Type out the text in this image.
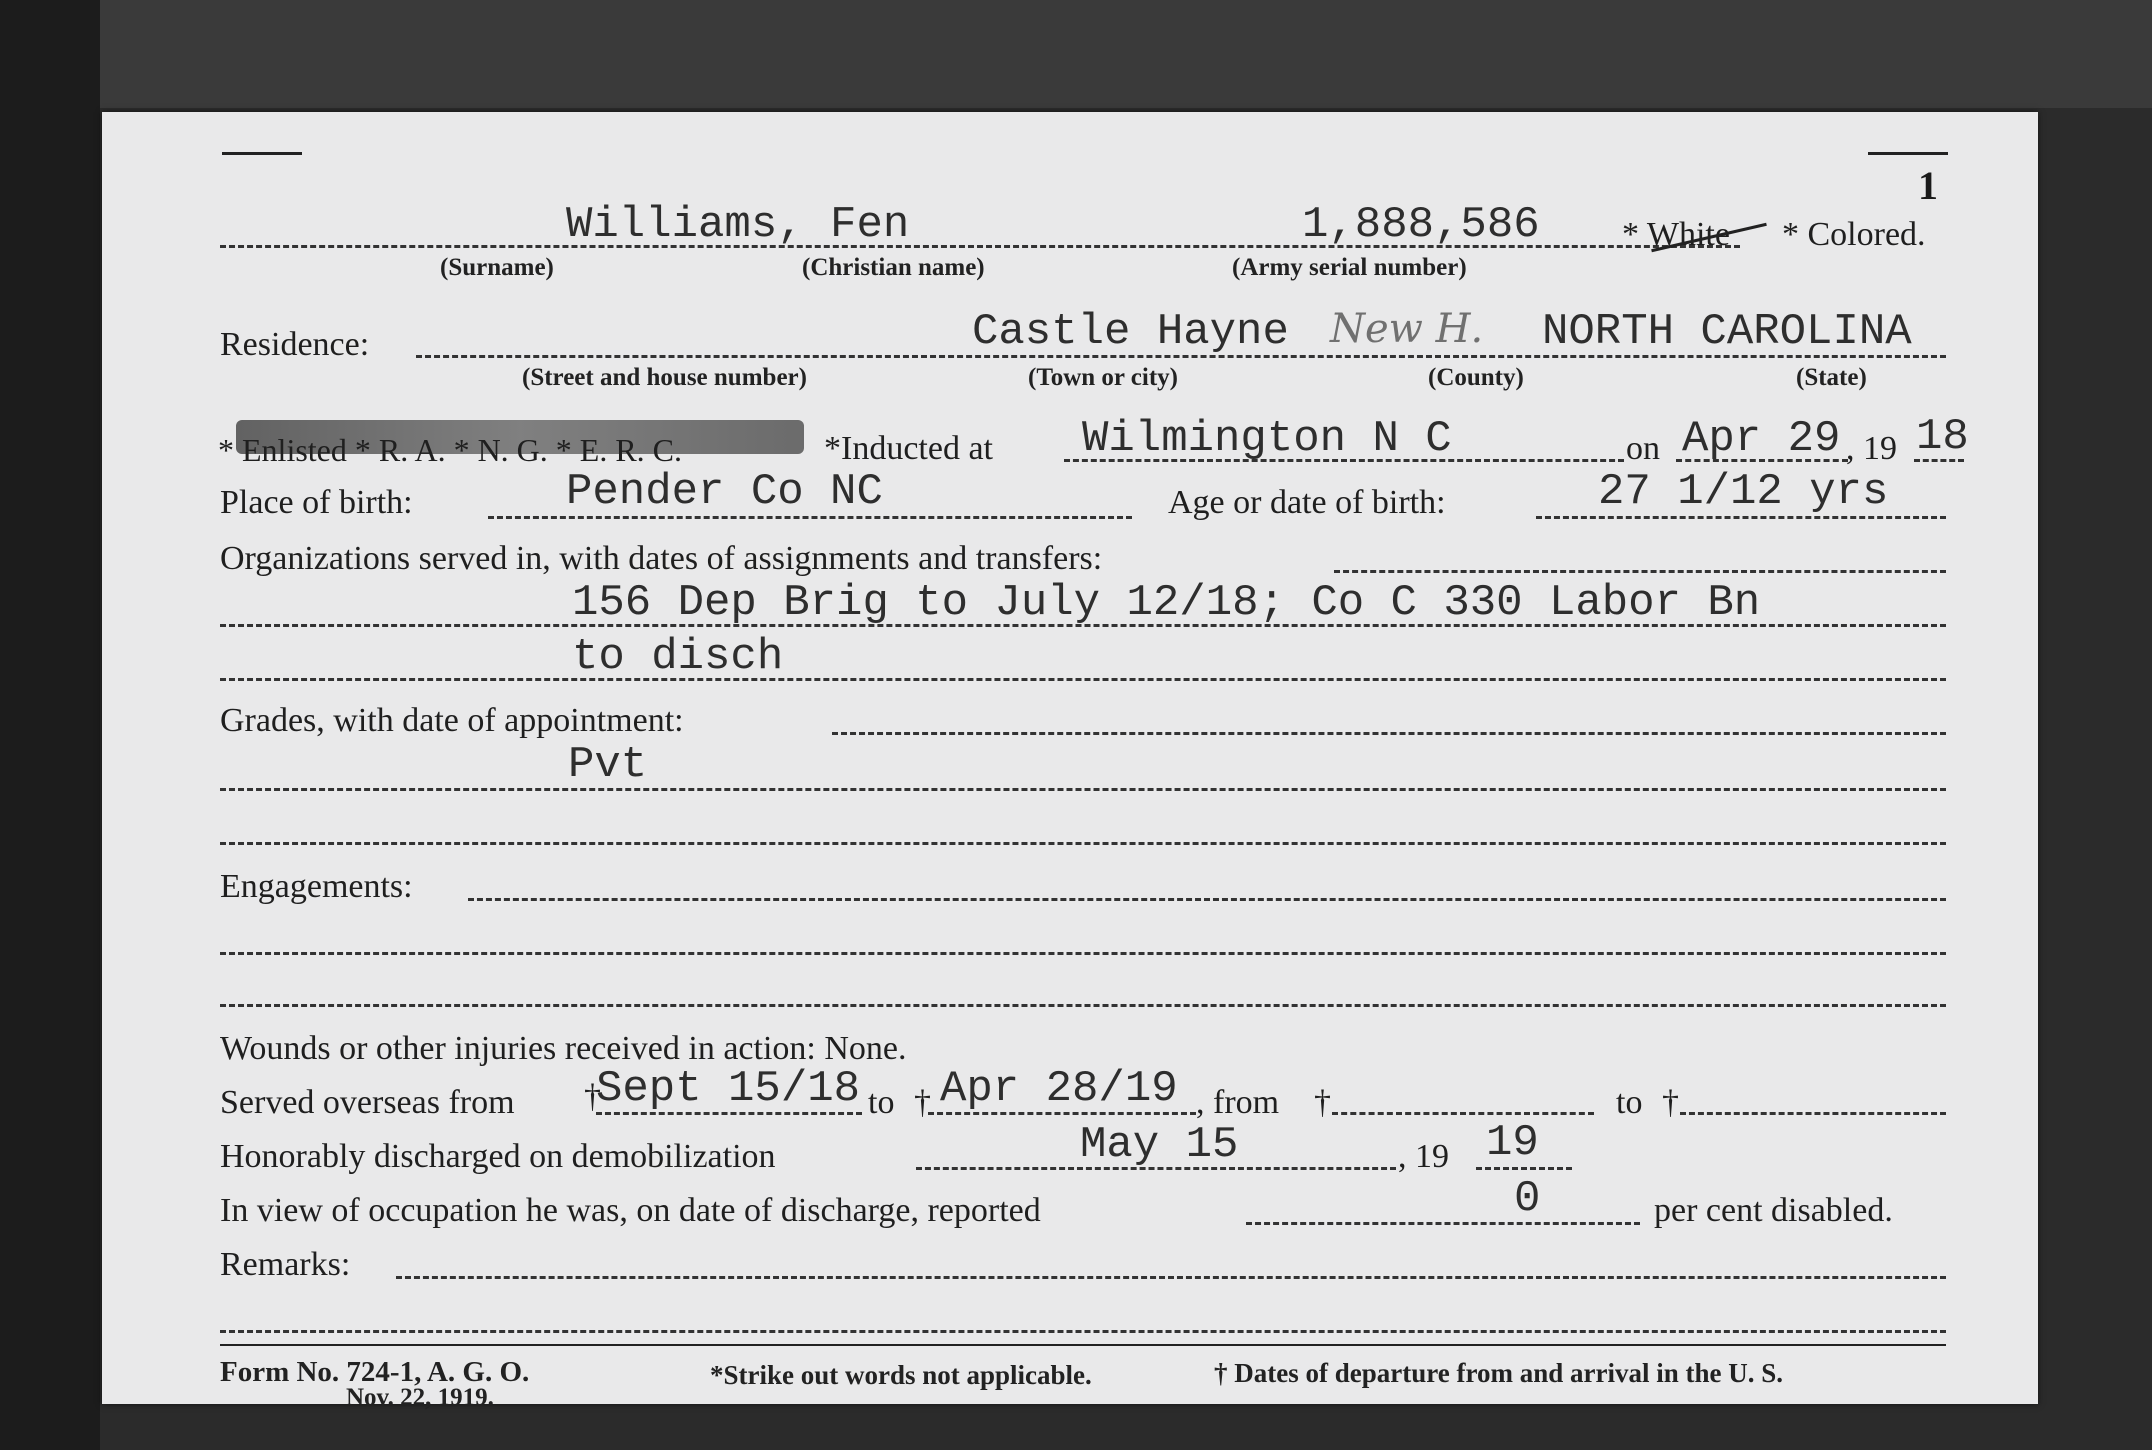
1
Williams, Fen	1,888,586 * White * Colored.
(Surname)	(Christian name)	(Army serial number)
Residence:	Castle Hayne New H. NORTH CAROLINA
(Street and house number)	(Town or city)	(County)	(State)
* Enlisted * R. A. * N. G. * E. R. C.	*Inducted at Wilmington N C	on Apr 29 , 19 18
Place of birth:	Pender Co NC	Age or date of birth:	27 1/12 yrs
Organizations served in, with dates of assignments and transfers:
156 Dep Brig to July 12/18; Co C 330 Labor Bn
to disch
Grades, with date of appointment:
Pvt
Engagements:
Wounds or other injuries received in action: None.
Served overseas from †
Sept 15/18 to † Apr 28/19 , from †	to †
Honorably discharged on demobilization	May 15	, 19 19
In view of occupation he was, on date of discharge, reported	0	per cent disabled.
Remarks:
Form No. 724-1, A. G. O.
Nov. 22, 1919.
*Strike out words not applicable.	† Dates of departure from and arrival in the U. S.
